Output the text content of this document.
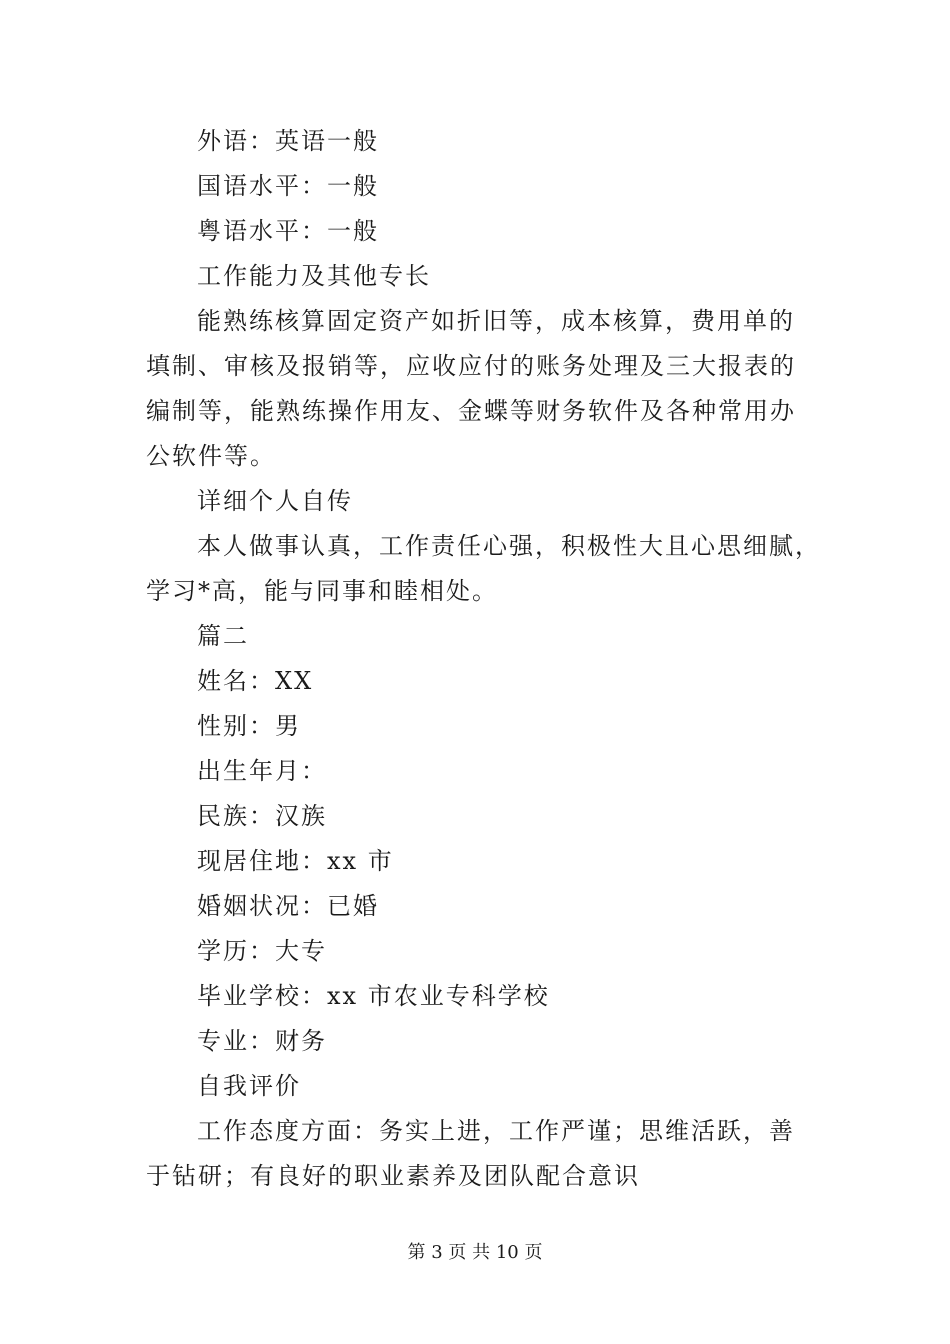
外语：英语一般
国语水平：一般
粤语水平：一般
工作能力及其他专长
能熟练核算固定资产如折旧等，成本核算，费用单的
填制、审核及报销等，应收应付的账务处理及三大报表的
编制等，能熟练操作用友、金蝶等财务软件及各种常用办
公软件等。
详细个人自传
本人做事认真，工作责任心强，积极性大且心思细腻，
学习*高，能与同事和睦相处。
篇二
姓名：XX
性别：男
出生年月：
民族：汉族
现居住地：xx 市
婚姻状况：已婚
学历：大专
毕业学校：xx 市农业专科学校
专业：财务
自我评价
工作态度方面：务实上进，工作严谨；思维活跃，善
于钻研；有良好的职业素养及团队配合意识
第 3 页 共 10 页
